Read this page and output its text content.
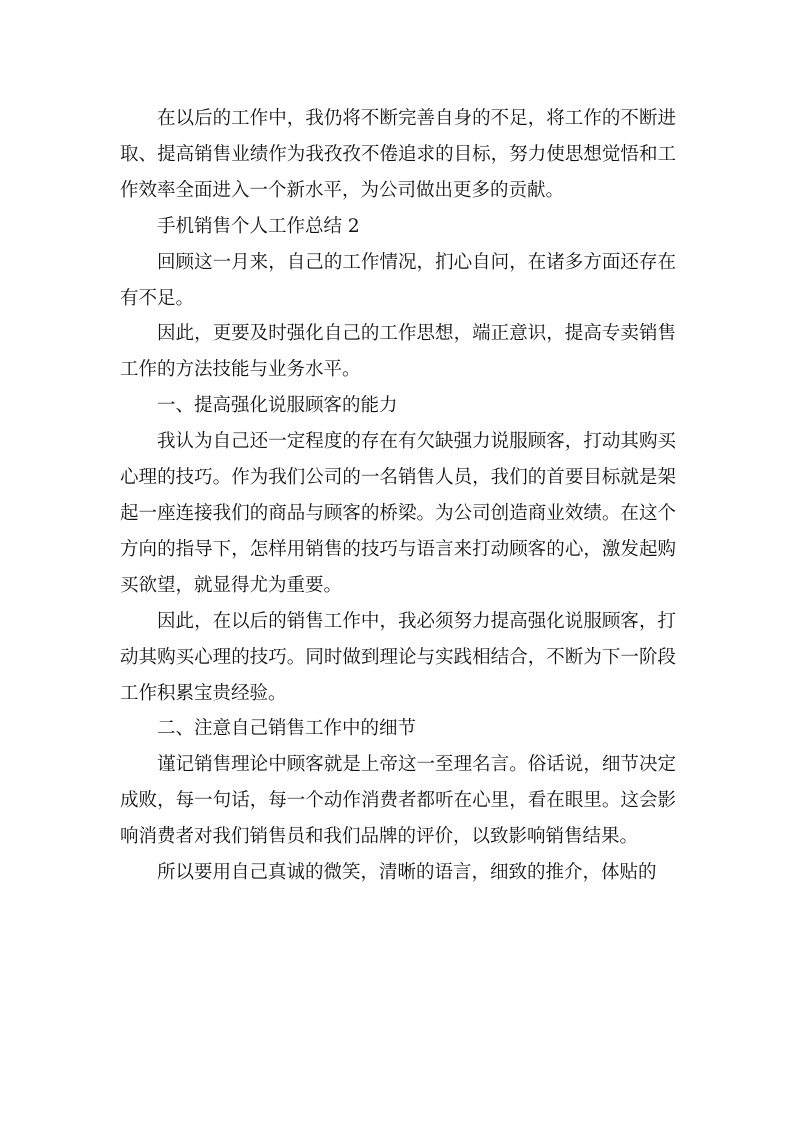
在以后的工作中，我仍将不断完善自身的不足，将工作的不断进取、提高销售业绩作为我孜孜不倦追求的目标，努力使思想觉悟和工作效率全面进入一个新水平，为公司做出更多的贡献。

手机销售个人工作总结 2

回顾这一月来，自己的工作情况，扪心自问，在诸多方面还存在有不足。

因此，更要及时强化自己的工作思想，端正意识，提高专卖销售工作的方法技能与业务水平。

一、提高强化说服顾客的能力

我认为自己还一定程度的存在有欠缺强力说服顾客，打动其购买心理的技巧。作为我们公司的一名销售人员，我们的首要目标就是架起一座连接我们的商品与顾客的桥梁。为公司创造商业效绩。在这个方向的指导下，怎样用销售的技巧与语言来打动顾客的心，激发起购买欲望，就显得尤为重要。

因此，在以后的销售工作中，我必须努力提高强化说服顾客，打动其购买心理的技巧。同时做到理论与实践相结合，不断为下一阶段工作积累宝贵经验。

二、注意自己销售工作中的细节

谨记销售理论中顾客就是上帝这一至理名言。俗话说，细节决定成败，每一句话，每一个动作消费者都听在心里，看在眼里。这会影响消费者对我们销售员和我们品牌的评价，以致影响销售结果。

所以要用自己真诚的微笑，清晰的语言，细致的推介，体贴的
